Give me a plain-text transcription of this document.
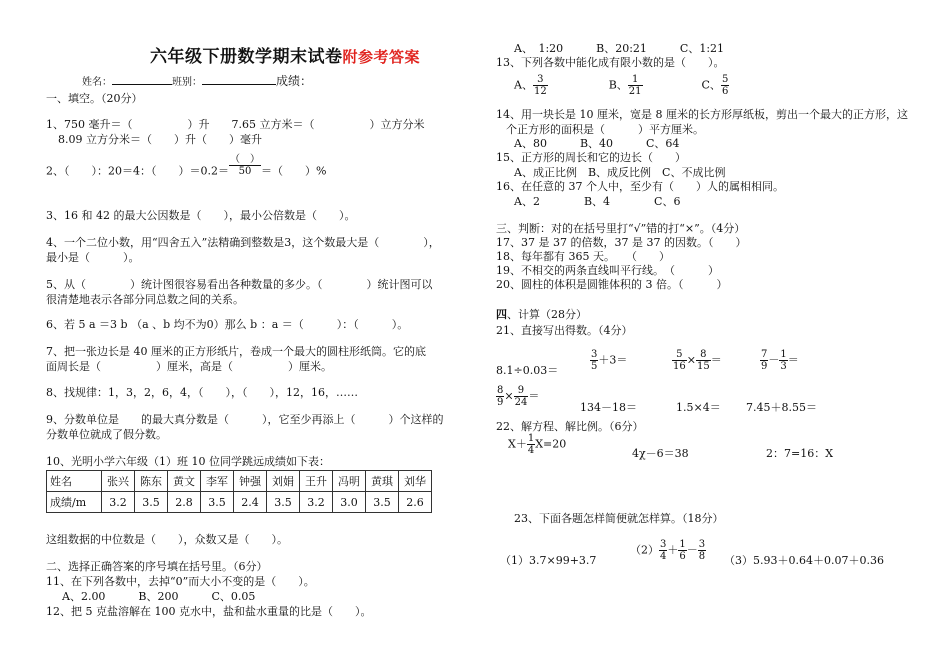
六年级下册数学期末试卷附参考答案
姓名：	班别：	成绩：
一、填空。（20分）
1、750 毫升＝（　　　　　）升　　7.65 立方米＝（　　　　　）立方分米
8.09 立方分米＝（　　）升（　　）毫升
2、（　　）：20＝4：（　　）$=0.2= \frac{( )}{50}$ ＝（　　）%
3、16 和 42 的最大公因数是（　　），最小公倍数是（　　）。
4、一个二位小数，用“四舍五入”法精确到整数是3，这个数最大是（　　　　），
最小是（　　　）。
5、从（　　　　）统计图很容易看出各种数量的多少。（　　　　）统计图可以
很清楚地表示各部分同总数之间的关系。
6、若 5 a ＝3 b （a 、b 均不为0）那么 b ：a ＝（　　　）：（　　　）。
7、把一张边长是 40 厘米的正方形纸片，卷成一个最大的圆柱形纸筒。它的底
面周长是（　　　　　）厘米，高是（　　　　　）厘米。
8、找规律：1，3，2，6，4，（　　），（　　），12，16，……
9、分数单位是　　的最大真分数是（　　　），它至少再添上（　　　）个这样的
分数单位就成了假分数。
10、光明小学六年级（1）班 10 位同学跳远成绩如下表：
姓名	张兴	陈东	黄文	李军	钟强	刘娟	王升	冯明	黄琪	刘华
成绩/m	3.2	3.5	2.8	3.5	2.4	3.5	3.2	3.0	3.5	2.6
这组数据的中位数是（　　），众数又是（　　）。
二、选择正确答案的序号填在括号里。（6分）
11、在下列各数中，去掉“0”而大小不变的是（　　）。
A、2.00　　　B、200　　　C、0.05
12、把 5 克盐溶解在 100 克水中，盐和盐水重量的比是（　　）。
A、　1:20　　　B、20:21　　　C、1:21
13、下列各数中能化成有限小数的是（　　）。
A、 $\frac{3}{12}$	B、 $\frac{1}{21}$	C、 $\frac{5}{6}$
14、用一块长是 10 厘米，宽是 8 厘米的长方形厚纸板，剪出一个最大的正方形，这
个正方形的面积是（　　　）平方厘米。
A、80　　　B、40　　　C、64
15、正方形的周长和它的边长（　　）
A、成正比例　B、成反比例　C、不成比例
16、在任意的 37 个人中，至少有（　　）人的属相相同。
A、2　　　　B、4　　　　C、6
三、判断：对的在括号里打“√”错的打“×”。（4分）
17、37 是 37 的倍数，37 是 37 的因数。（　　）
18、每年都有 365 天。　　（　　）
19、不相交的两条直线叫平行线。　（　　　）
20、圆柱的体积是圆锥体积的 3 倍。（　　　）
四、计算（28分）
21、直接写出得数。（4分）
8.1÷0.03＝	$\frac{3}{5} +3=$	$\frac{5}{16} \times \frac{8}{15}$ ＝	$\frac{7}{9} - \frac{1}{3}$ ＝
$\frac{8}{9} \times \frac{9}{24}$ ＝
134－18＝	1.5×4＝ 7.45＋8.55＝
22、解方程、解比例。（6分）
$X+ \frac{1}{4} X=20$
4χ－6＝38	2：7=16：X
23、下面各题怎样简便就怎样算。（18分）
（1）3.7×99+3.7
$(2) \frac{3}{4} + \frac{1}{6} - \frac{3}{8} (3)5.93+0.64+0.07+0.36$
